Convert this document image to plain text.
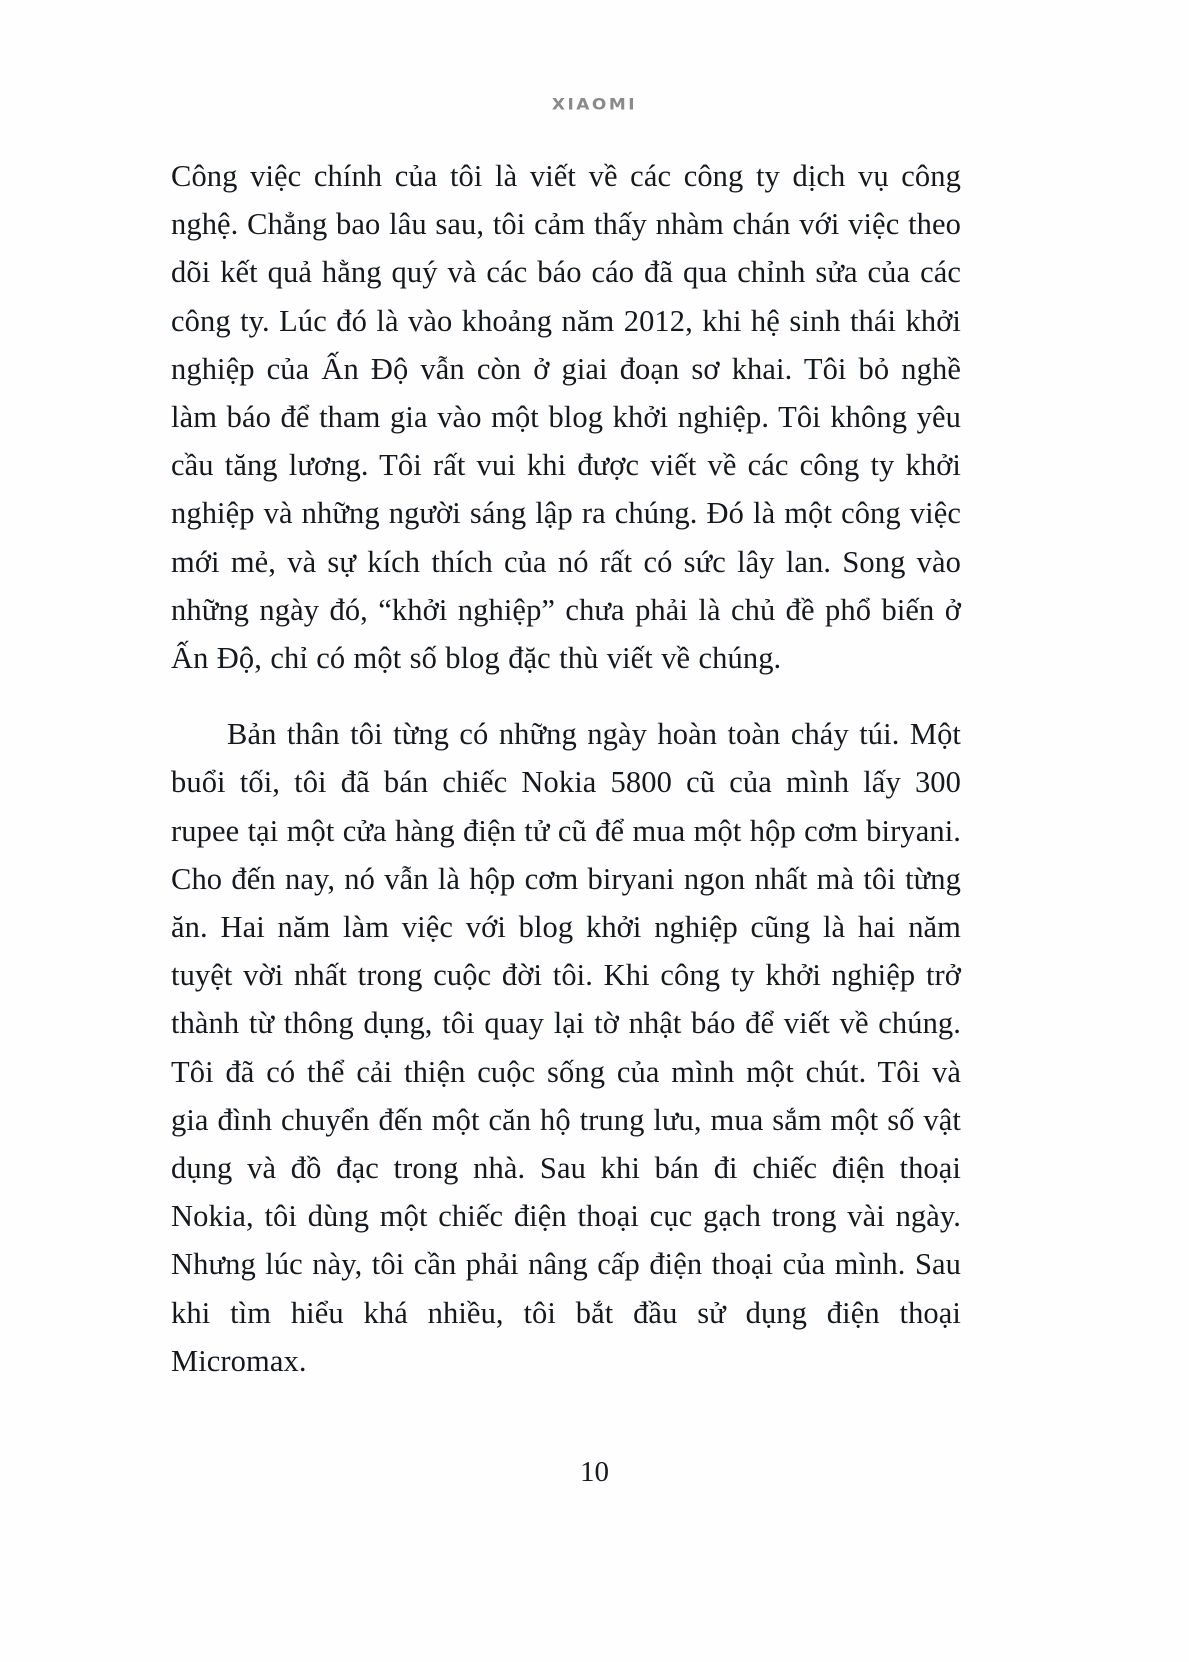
XIAOMI

Công việc chính của tôi là viết về các công ty dịch vụ công nghệ. Chẳng bao lâu sau, tôi cảm thấy nhàm chán với việc theo dõi kết quả hằng quý và các báo cáo đã qua chỉnh sửa của các công ty. Lúc đó là vào khoảng năm 2012, khi hệ sinh thái khởi nghiệp của Ấn Độ vẫn còn ở giai đoạn sơ khai. Tôi bỏ nghề làm báo để tham gia vào một blog khởi nghiệp. Tôi không yêu cầu tăng lương. Tôi rất vui khi được viết về các công ty khởi nghiệp và những người sáng lập ra chúng. Đó là một công việc mới mẻ, và sự kích thích của nó rất có sức lây lan. Song vào những ngày đó, “khởi nghiệp” chưa phải là chủ đề phổ biến ở Ấn Độ, chỉ có một số blog đặc thù viết về chúng.

Bản thân tôi từng có những ngày hoàn toàn cháy túi. Một buổi tối, tôi đã bán chiếc Nokia 5800 cũ của mình lấy 300 rupee tại một cửa hàng điện tử cũ để mua một hộp cơm biryani. Cho đến nay, nó vẫn là hộp cơm biryani ngon nhất mà tôi từng ăn. Hai năm làm việc với blog khởi nghiệp cũng là hai năm tuyệt vời nhất trong cuộc đời tôi. Khi công ty khởi nghiệp trở thành từ thông dụng, tôi quay lại tờ nhật báo để viết về chúng. Tôi đã có thể cải thiện cuộc sống của mình một chút. Tôi và gia đình chuyển đến một căn hộ trung lưu, mua sắm một số vật dụng và đồ đạc trong nhà. Sau khi bán đi chiếc điện thoại Nokia, tôi dùng một chiếc điện thoại cục gạch trong vài ngày. Nhưng lúc này, tôi cần phải nâng cấp điện thoại của mình. Sau khi tìm hiểu khá nhiều, tôi bắt đầu sử dụng điện thoại Micromax.

10
